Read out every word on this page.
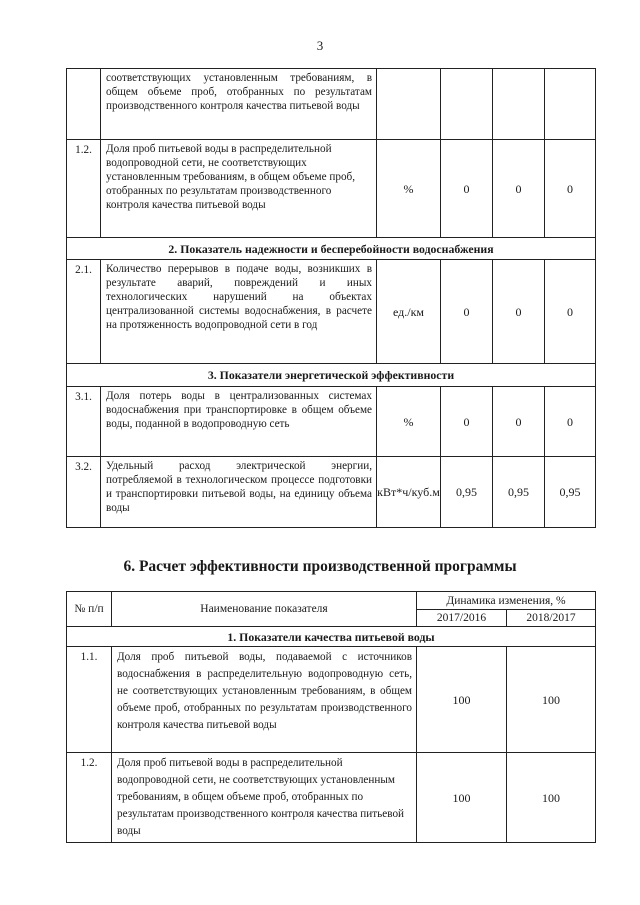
3
	соответствующих установленным требованиям, в общем объеме проб, отобранных по результатам производственного контроля качества питьевой воды				
1.2.	Доля проб питьевой воды в распределительной водопроводной сети, не соответствующих установленным требованиям, в общем объеме проб, отобранных по результатам производственного контроля качества питьевой воды	%	0	0	0
2. Показатель надежности и бесперебойности водоснабжения					
2.1.	Количество перерывов в подаче воды, возникших в результате аварий, повреждений и иных технологических нарушений на объектах централизованной системы водоснабжения, в расчете на протяженность водопроводной сети в год	ед./км	0	0	0
3. Показатели энергетической эффективности					
3.1.	Доля потерь воды в централизованных системах водоснабжения при транспортировке в общем объеме воды, поданной в водопроводную сеть	%	0	0	0
3.2.	Удельный расход электрической энергии, потребляемой в технологическом процессе подготовки и транспортировки питьевой воды, на единицу объема воды	кВт*ч/куб.м	0,95	0,95	0,95
6. Расчет эффективности производственной программы
№ п/п	Наименование показателя	Динамика изменения, %	
		2017/2016	2018/2017
1. Показатели качества питьевой воды			
1.1.	Доля проб питьевой воды, подаваемой с источников водоснабжения в распределительную водопроводную сеть, не соответствующих установленным требованиям, в общем объеме проб, отобранных по результатам производственного контроля качества питьевой воды	100	100
1.2.	Доля проб питьевой воды в распределительной водопроводной сети, не соответствующих установленным требованиям, в общем объеме проб, отобранных по результатам производственного контроля качества питьевой воды	100	100
